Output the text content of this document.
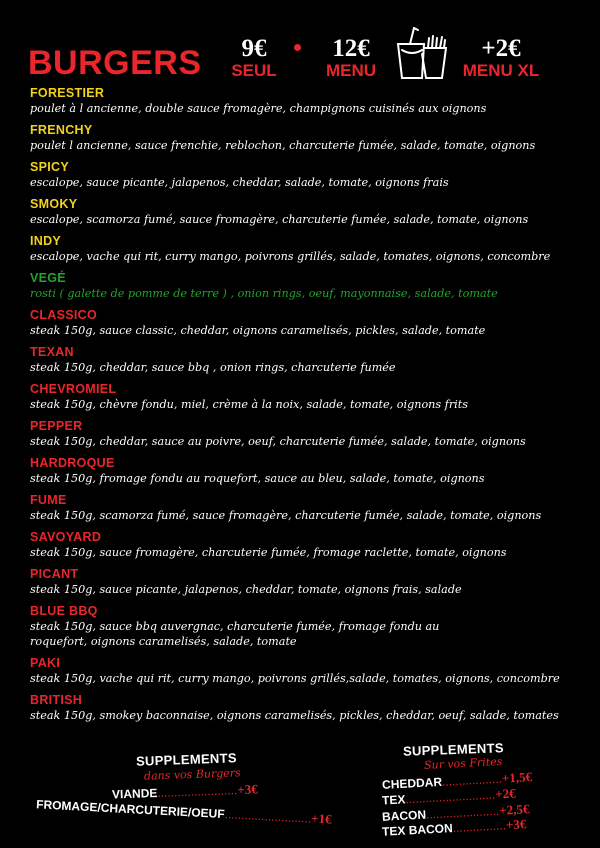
BURGERS	9€
SEUL
12€
MENU
+2€
MENU XL
FORESTIER
poulet à l ancienne, double sauce fromagère, champignons cuisinés aux oignons
FRENCHY
poulet l ancienne, sauce frenchie, reblochon, charcuterie fumée, salade, tomate, oignons
SPICY
escalope, sauce picante, jalapenos, cheddar, salade, tomate, oignons frais
SMOKY
escalope, scamorza fumé, sauce fromagère, charcuterie fumée, salade, tomate, oignons
INDY
escalope, vache qui rit, curry mango, poivrons grillés, salade, tomates, oignons, concombre
VEGÉ
rosti ( galette de pomme de terre ) , onion rings, oeuf, mayonnaise, salade, tomate
CLASSICO
steak 150g, sauce classic, cheddar, oignons caramelisés, pickles, salade, tomate
TEXAN
steak 150g, cheddar, sauce bbq , onion rings, charcuterie fumée
CHEVROMIEL
steak 150g, chèvre fondu, miel, crème à la noix, salade, tomate, oignons frits
PEPPER
steak 150g, cheddar, sauce au poivre, oeuf, charcuterie fumée, salade, tomate, oignons
HARDROQUE
steak 150g, fromage fondu au roquefort, sauce au bleu, salade, tomate, oignons
FUME
steak 150g, scamorza fumé, sauce fromagère, charcuterie fumée, salade, tomate, oignons
SAVOYARD
steak 150g, sauce fromagère, charcuterie fumée, fromage raclette, tomate, oignons
PICANT
steak 150g, sauce picante, jalapenos, cheddar, tomate, oignons frais, salade
BLUE BBQ
steak 150g, sauce bbq auvergnac, charcuterie fumée, fromage fondu au roquefort, oignons caramelisés, salade, tomate
PAKI
steak 150g, vache qui rit, curry mango, poivrons grillés,salade, tomates, oignons, concombre
BRITISH
steak 150g, smokey baconnaise, oignons caramelisés, pickles, cheddar, oeuf, salade, tomates
SUPPLEMENTS
dans vos Burgers
VIANDE........................+3€
FROMAGE/CHARCUTERIE/OEUF..........................+1€
SUPPLEMENTS
Sur vos Frites
CHEDDAR..................+1,5€
TEX...........................+2€
BACON......................+2,5€
TEX BACON................+3€
